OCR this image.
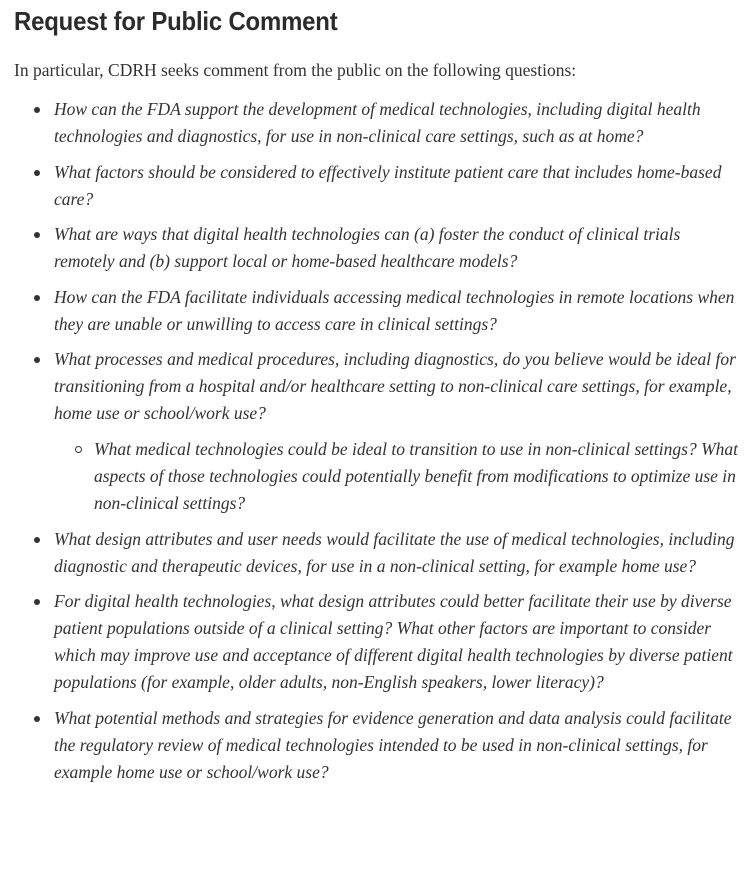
Request for Public Comment

In particular, CDRH seeks comment from the public on the following questions:

How can the FDA support the development of medical technologies, including digital health technologies and diagnostics, for use in non-clinical care settings, such as at home?
What factors should be considered to effectively institute patient care that includes home-based care?
What are ways that digital health technologies can (a) foster the conduct of clinical trials remotely and (b) support local or home-based healthcare models?
How can the FDA facilitate individuals accessing medical technologies in remote locations when they are unable or unwilling to access care in clinical settings?
What processes and medical procedures, including diagnostics, do you believe would be ideal for transitioning from a hospital and/or healthcare setting to non-clinical care settings, for example, home use or school/work use?
What medical technologies could be ideal to transition to use in non-clinical settings? What aspects of those technologies could potentially benefit from modifications to optimize use in non-clinical settings?
What design attributes and user needs would facilitate the use of medical technologies, including diagnostic and therapeutic devices, for use in a non-clinical setting, for example home use?
For digital health technologies, what design attributes could better facilitate their use by diverse patient populations outside of a clinical setting? What other factors are important to consider which may improve use and acceptance of different digital health technologies by diverse patient populations (for example, older adults, non-English speakers, lower literacy)?
What potential methods and strategies for evidence generation and data analysis could facilitate the regulatory review of medical technologies intended to be used in non-clinical settings, for example home use or school/work use?
